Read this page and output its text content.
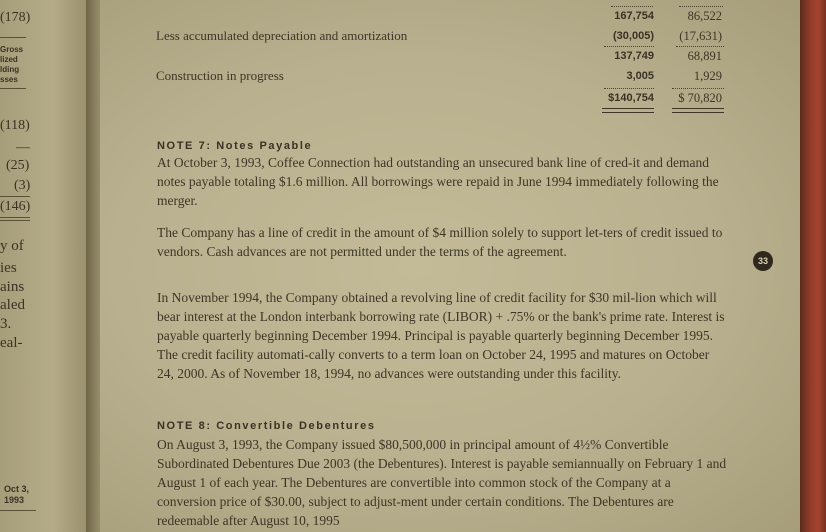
(178)
Gross
lized
lding
sses
(118)
—
(25)
(3)
(146)
y of
ies
ains
aled
3.
eal-
Oct 3,
1993
167,754	86,522
Less accumulated depreciation and amortization	(30,005) (17,631)
137,749	68,891
Construction in progress	3,005	1,929
$140,754 $ 70,820
NOTE 7: Notes Payable

At October 3, 1993, Coffee Connection had outstanding an unsecured bank line of cred-it and demand notes payable totaling $1.6 million. All borrowings were repaid in June 1994 immediately following the merger.

The Company has a line of credit in the amount of $4 million solely to support let-ters of credit issued to vendors. Cash advances are not permitted under the terms of the agreement.

In November 1994, the Company obtained a revolving line of credit facility for $30 mil-lion which will bear interest at the London interbank borrowing rate (LIBOR) + .75% or the bank's prime rate. Interest is payable quarterly beginning December 1994. Principal is payable quarterly beginning December 1995. The credit facility automati-cally converts to a term loan on October 24, 1995 and matures on October 24, 2000. As of November 18, 1994, no advances were outstanding under this facility.

NOTE 8: Convertible Debentures

On August 3, 1993, the Company issued $80,500,000 in principal amount of 4½% Convertible Subordinated Debentures Due 2003 (the Debentures). Interest is payable semiannually on February 1 and August 1 of each year. The Debentures are convertible into common stock of the Company at a conversion price of $30.00, subject to adjust-ment under certain conditions. The Debentures are redeemable after August 10, 1995

33
